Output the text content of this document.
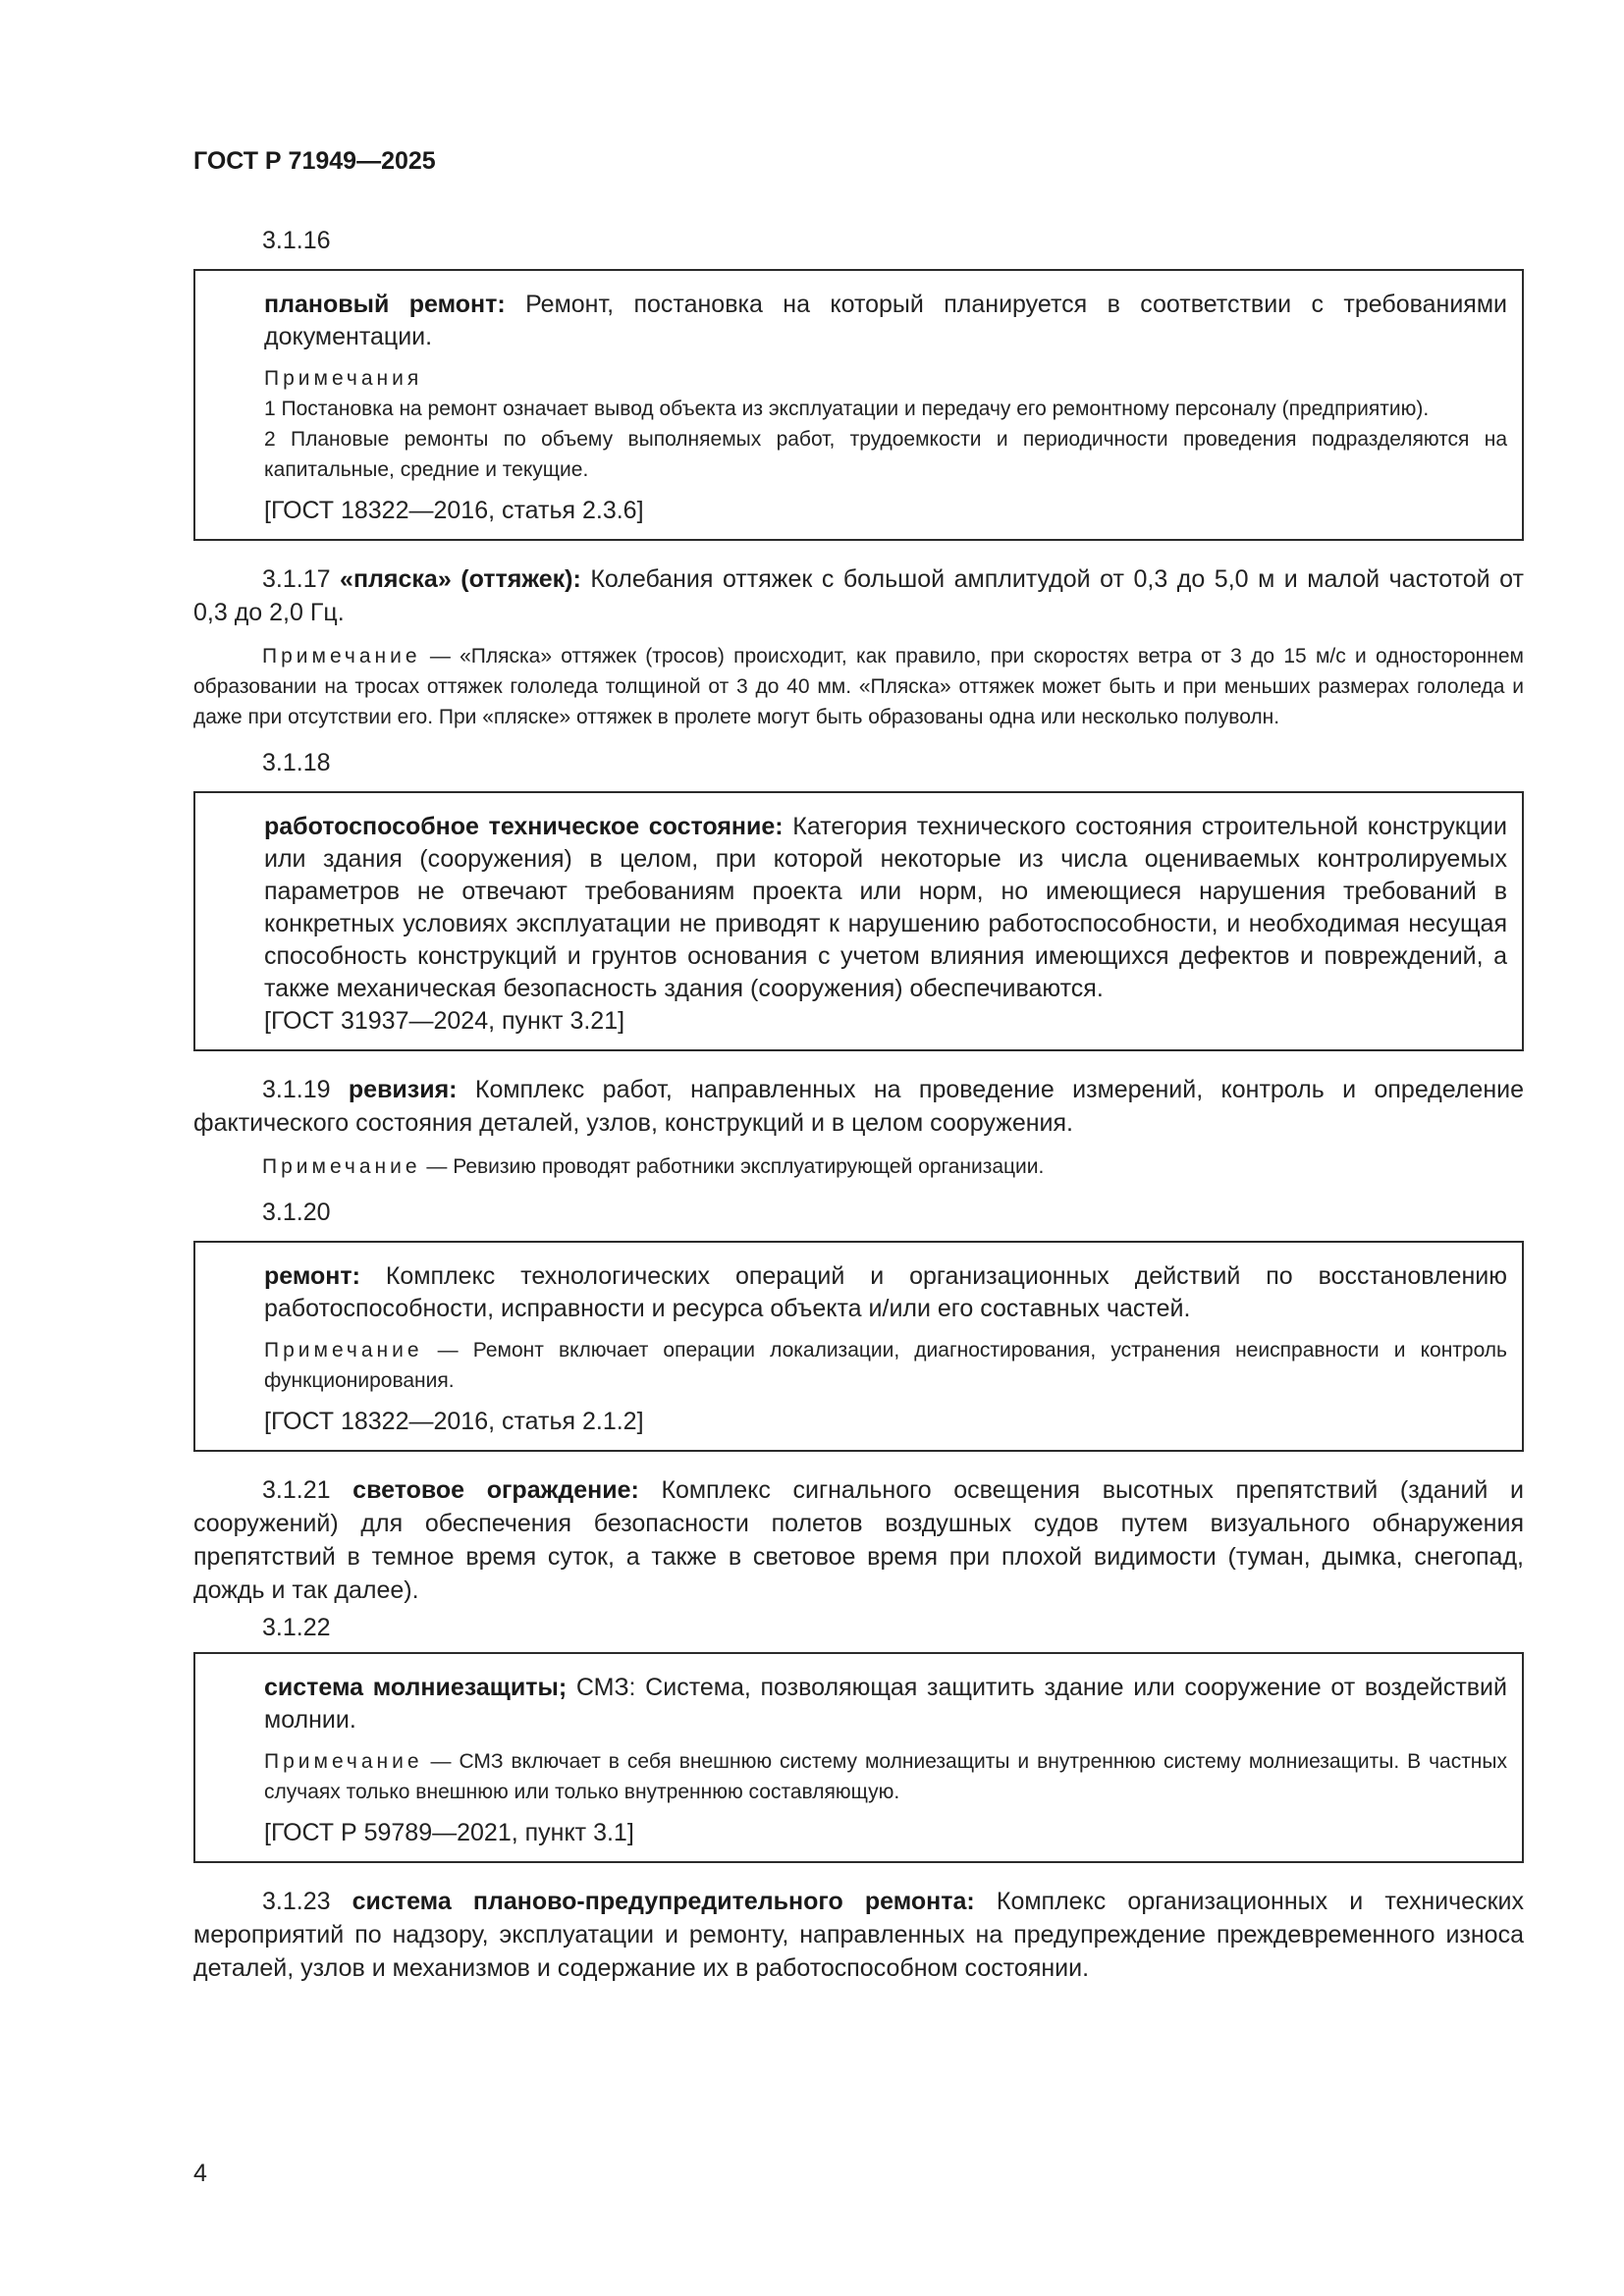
ГОСТ Р 71949—2025
3.1.16
плановый ремонт: Ремонт, постановка на который планируется в соответствии с требованиями документации.
Примечания
1 Постановка на ремонт означает вывод объекта из эксплуатации и передачу его ремонтному персоналу (предприятию).
2 Плановые ремонты по объему выполняемых работ, трудоемкости и периодичности проведения подразделяются на капитальные, средние и текущие.
[ГОСТ 18322—2016, статья 2.3.6]
3.1.17 «пляска» (оттяжек): Колебания оттяжек с большой амплитудой от 0,3 до 5,0 м и малой частотой от 0,3 до 2,0 Гц.
Примечание — «Пляска» оттяжек (тросов) происходит, как правило, при скоростях ветра от 3 до 15 м/с и одностороннем образовании на тросах оттяжек гололеда толщиной от 3 до 40 мм. «Пляска» оттяжек может быть и при меньших размерах гололеда и даже при отсутствии его. При «пляске» оттяжек в пролете могут быть образованы одна или несколько полуволн.
3.1.18
работоспособное техническое состояние: Категория технического состояния строительной конструкции или здания (сооружения) в целом, при которой некоторые из числа оцениваемых контролируемых параметров не отвечают требованиям проекта или норм, но имеющиеся нарушения требований в конкретных условиях эксплуатации не приводят к нарушению работоспособности, и необходимая несущая способность конструкций и грунтов основания с учетом влияния имеющихся дефектов и повреждений, а также механическая безопасность здания (сооружения) обеспечиваются.
[ГОСТ 31937—2024, пункт 3.21]
3.1.19 ревизия: Комплекс работ, направленных на проведение измерений, контроль и определение фактического состояния деталей, узлов, конструкций и в целом сооружения.
Примечание — Ревизию проводят работники эксплуатирующей организации.
3.1.20
ремонт: Комплекс технологических операций и организационных действий по восстановлению работоспособности, исправности и ресурса объекта и/или его составных частей.
Примечание — Ремонт включает операции локализации, диагностирования, устранения неисправности и контроль функционирования.
[ГОСТ 18322—2016, статья 2.1.2]
3.1.21 световое ограждение: Комплекс сигнального освещения высотных препятствий (зданий и сооружений) для обеспечения безопасности полетов воздушных судов путем визуального обнаружения препятствий в темное время суток, а также в световое время при плохой видимости (туман, дымка, снегопад, дождь и так далее).
3.1.22
система молниезащиты; СМЗ: Система, позволяющая защитить здание или сооружение от воздействий молнии.
Примечание — СМЗ включает в себя внешнюю систему молниезащиты и внутреннюю систему молниезащиты. В частных случаях только внешнюю или только внутреннюю составляющую.
[ГОСТ Р 59789—2021, пункт 3.1]
3.1.23 система планово-предупредительного ремонта: Комплекс организационных и технических мероприятий по надзору, эксплуатации и ремонту, направленных на предупреждение преждевременного износа деталей, узлов и механизмов и содержание их в работоспособном состоянии.
4
